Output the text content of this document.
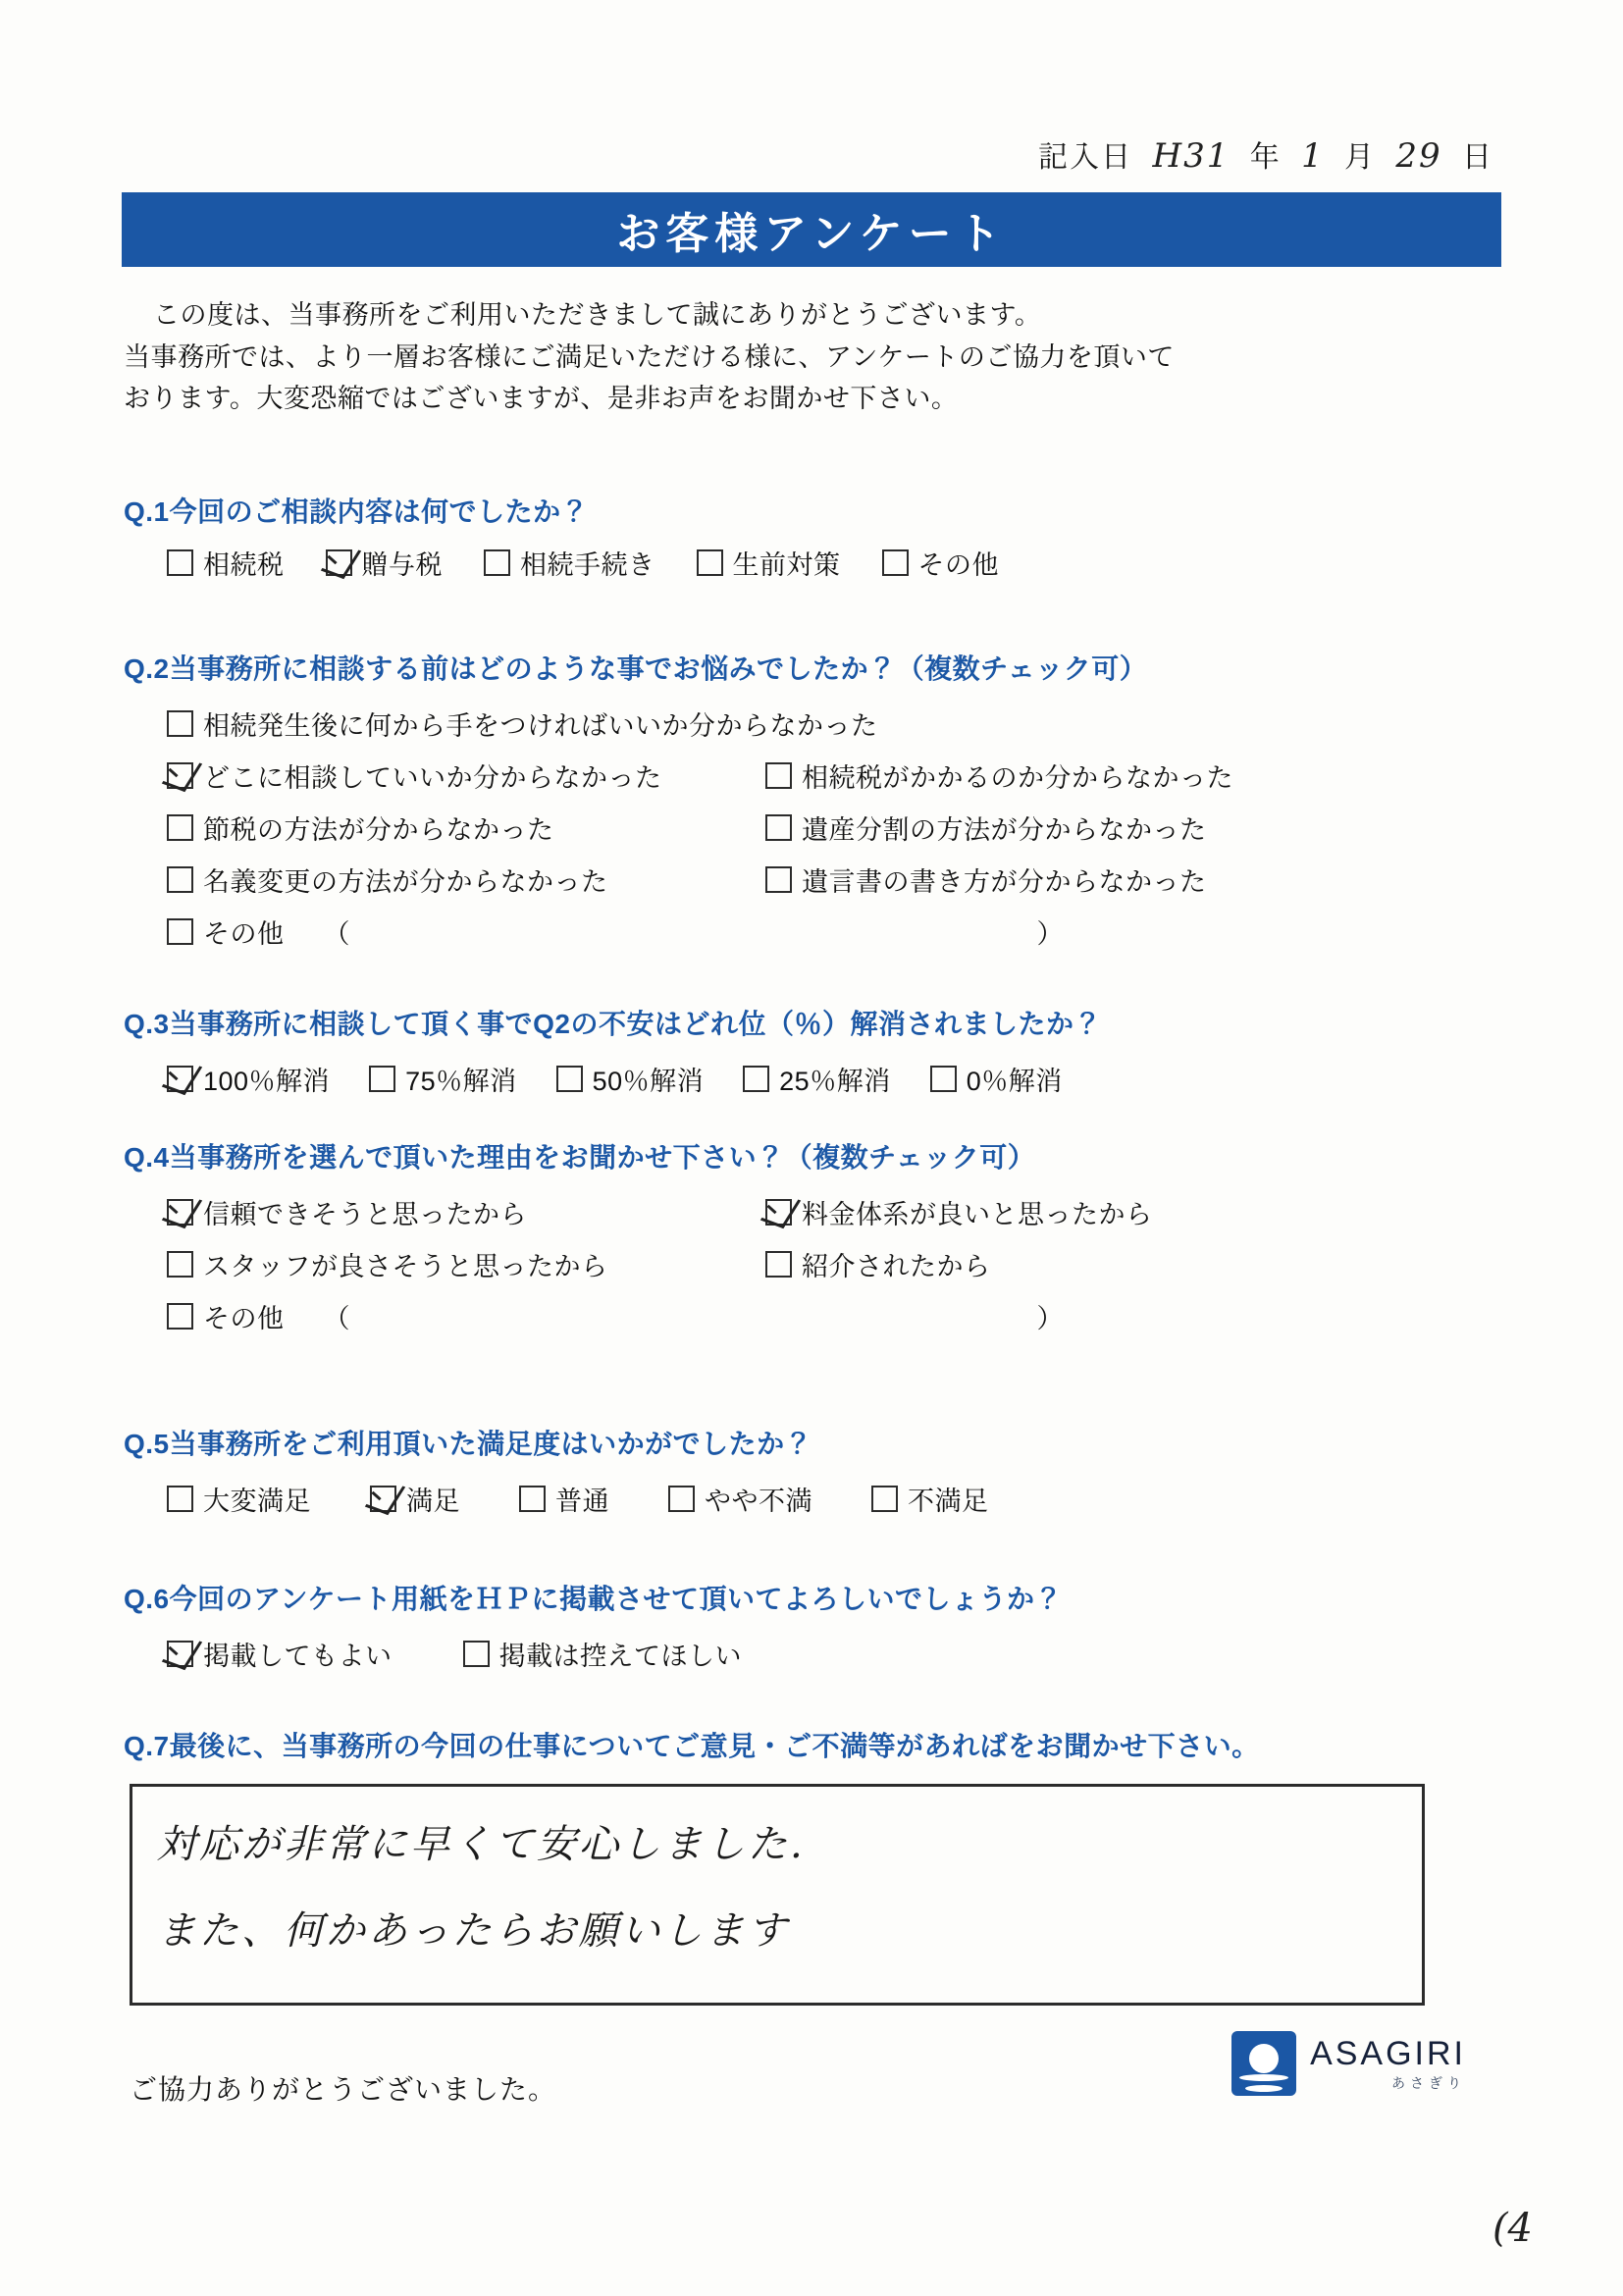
記入日 H31 年 1 月 29 日
お客様アンケート

この度は、当事務所をご利用いただきまして誠にありがとうございます。

当事務所では、より一層お客様にご満足いただける様に、アンケートのご協力を頂いて

おります。大変恐縮ではございますが、是非お声をお聞かせ下さい。

Q.1今回のご相談内容は何でしたか？
相続税	贈与税	相続手続き	生前対策	その他
Q.2当事務所に相談する前はどのような事でお悩みでしたか？（複数チェック可）
相続発生後に何から手をつければいいか分からなかった
どこに相談していいか分からなかった	相続税がかかるのか分からなかった
節税の方法が分からなかった	遺産分割の方法が分からなかった
名義変更の方法が分からなかった	遺言書の書き方が分からなかった
その他 （	）
Q.3当事務所に相談して頂く事でQ2の不安はどれ位（％）解消されましたか？
100％解消	75％解消	50％解消	25％解消	0％解消
Q.4当事務所を選んで頂いた理由をお聞かせ下さい？（複数チェック可）
信頼できそうと思ったから	料金体系が良いと思ったから
スタッフが良さそうと思ったから	紹介されたから
その他 （	）
Q.5当事務所をご利用頂いた満足度はいかがでしたか？
大変満足	満足	普通	やや不満	不満足
Q.6今回のアンケート用紙をＨＰに掲載させて頂いてよろしいでしょうか？
掲載してもよい	掲載は控えてほしい
Q.7最後に、当事務所の今回の仕事についてご意見・ご不満等があればをお聞かせ下さい。
対応が非常に早くて安心しました.
また、何かあったらお願いします
ご協力ありがとうございました。
ASAGIRI
あさぎり
(4
